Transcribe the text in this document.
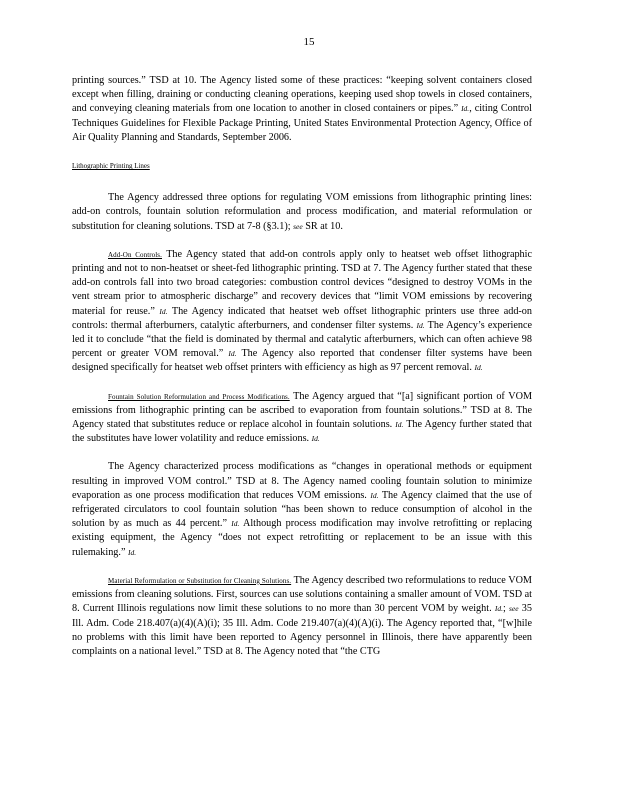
15

printing sources.” TSD at 10. The Agency listed some of these practices: “keeping solvent containers closed except when filling, draining or conducting cleaning operations, keeping used shop towels in closed containers, and conveying cleaning materials from one location to another in closed containers or pipes.” Id., citing Control Techniques Guidelines for Flexible Package Printing, United States Environmental Protection Agency, Office of Air Quality Planning and Standards, September 2006.

Lithographic Printing Lines

The Agency addressed three options for regulating VOM emissions from lithographic printing lines: add-on controls, fountain solution reformulation and process modification, and material reformulation or substitution for cleaning solutions. TSD at 7-8 (§3.1); see SR at 10.

Add-On Controls. The Agency stated that add-on controls apply only to heatset web offset lithographic printing and not to non-heatset or sheet-fed lithographic printing. TSD at 7. The Agency further stated that these add-on controls fall into two broad categories: combustion control devices “designed to destroy VOMs in the vent stream prior to atmospheric discharge” and recovery devices that “limit VOM emissions by recovering material for reuse.” Id. The Agency indicated that heatset web offset lithographic printers use three add-on controls: thermal afterburners, catalytic afterburners, and condenser filter systems. Id. The Agency’s experience led it to conclude “that the field is dominated by thermal and catalytic afterburners, which can often achieve 98 percent or greater VOM removal.” Id. The Agency also reported that condenser filter systems have been designed specifically for heatset web offset printers with efficiency as high as 97 percent removal. Id.

Fountain Solution Reformulation and Process Modifications. The Agency argued that “[a] significant portion of VOM emissions from lithographic printing can be ascribed to evaporation from fountain solutions.” TSD at 8. The Agency stated that substitutes reduce or replace alcohol in fountain solutions. Id. The Agency further stated that the substitutes have lower volatility and reduce emissions. Id.

The Agency characterized process modifications as “changes in operational methods or equipment resulting in improved VOM control.” TSD at 8. The Agency named cooling fountain solution to minimize evaporation as one process modification that reduces VOM emissions. Id. The Agency claimed that the use of refrigerated circulators to cool fountain solution “has been shown to reduce consumption of alcohol in the solution by as much as 44 percent.” Id. Although process modification may involve retrofitting or replacing existing equipment, the Agency “does not expect retrofitting or replacement to be an issue with this rulemaking.” Id.

Material Reformulation or Substitution for Cleaning Solutions. The Agency described two reformulations to reduce VOM emissions from cleaning solutions. First, sources can use solutions containing a smaller amount of VOM. TSD at 8. Current Illinois regulations now limit these solutions to no more than 30 percent VOM by weight. Id.; see 35 Ill. Adm. Code 218.407(a)(4)(A)(i); 35 Ill. Adm. Code 219.407(a)(4)(A)(i). The Agency reported that, “[w]hile no problems with this limit have been reported to Agency personnel in Illinois, there have apparently been complaints on a national level.” TSD at 8. The Agency noted that “the CTG
